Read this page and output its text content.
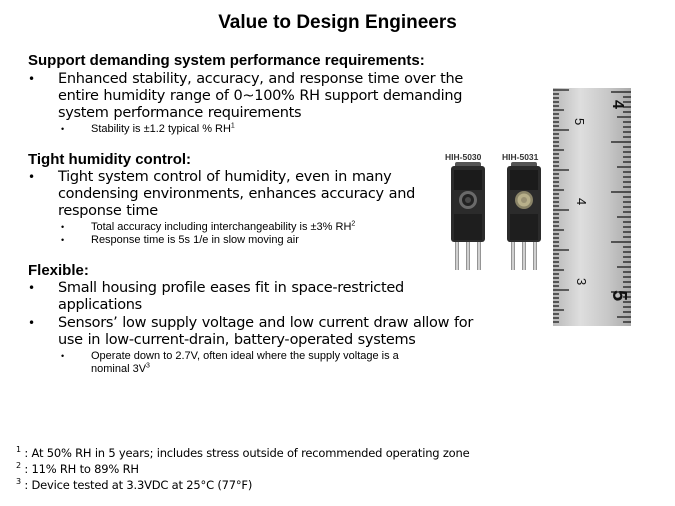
Value to Design Engineers
Support demanding system performance requirements:
• Enhanced stability, accuracy, and response time over the
entire humidity range of 0~100% RH support demanding
system performance requirements
• Stability is ±1.2 typical % $RH^1$
Tight humidity control:
• Tight system control of humidity, even in many
condensing environments, enhances accuracy and
response time
• Total accuracy including interchangeability is ±3% $RH^2$
• Response time is 5s 1/e in slow moving air
Flexible:
• Small housing profile eases fit in space-restricted
applications
• Sensors’ low supply voltage and low current draw allow for
use in low-current-drain, battery-operated systems
• Operate down to 2.7V, often ideal where the supply voltage is a
nominal $3V^3$
$^1$ : At 50% RH in 5 years; includes stress outside of recommended operating zone
$^2$ : 11% RH to 89% RH
$^3$ : Device tested at 3.3VDC at 25°C (77°F)
HIH-5030 HIH-5031
4
5
4
3
5
